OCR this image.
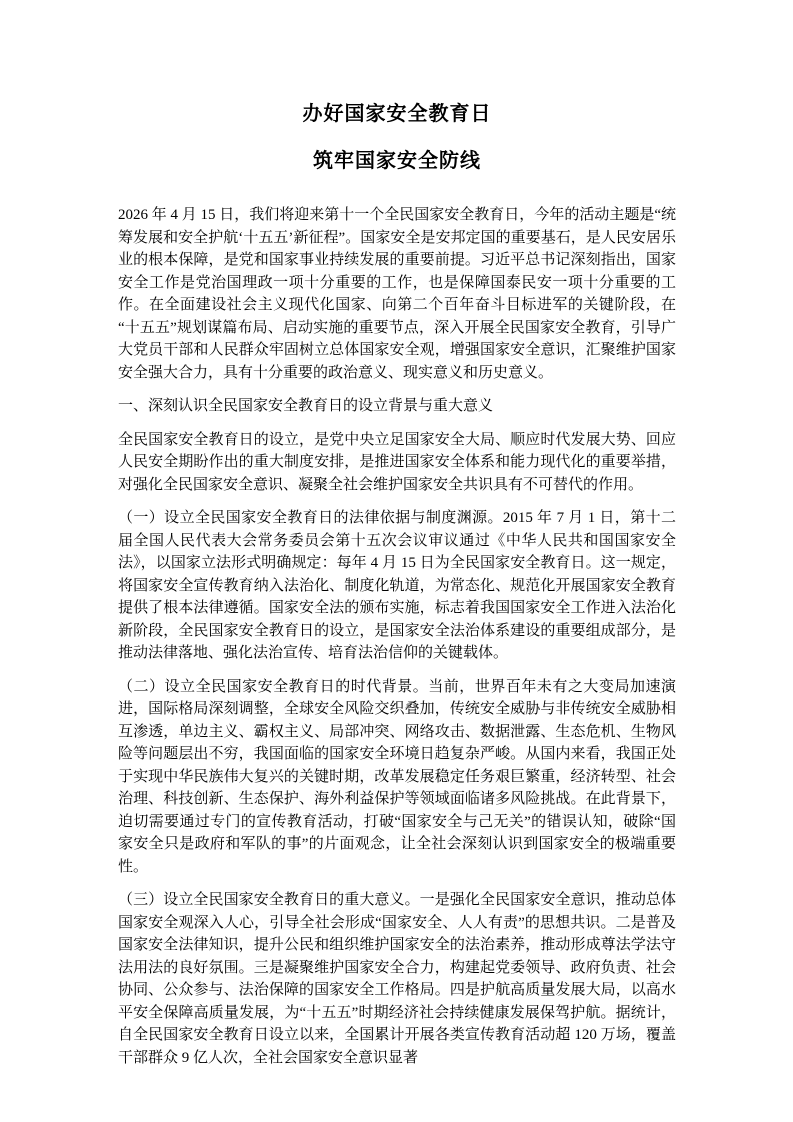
办好国家安全教育日
筑牢国家安全防线

2026 年 4 月 15 日，我们将迎来第十一个全民国家安全教育日，今年的活动主题是“统筹发展和安全护航‘十五五’新征程”。国家安全是安邦定国的重要基石，是人民安居乐业的根本保障，是党和国家事业持续发展的重要前提。习近平总书记深刻指出，国家安全工作是党治国理政一项十分重要的工作，也是保障国泰民安一项十分重要的工作。在全面建设社会主义现代化国家、向第二个百年奋斗目标进军的关键阶段，在“十五五”规划谋篇布局、启动实施的重要节点，深入开展全民国家安全教育，引导广大党员干部和人民群众牢固树立总体国家安全观，增强国家安全意识，汇聚维护国家安全强大合力，具有十分重要的政治意义、现实意义和历史意义。

一、深刻认识全民国家安全教育日的设立背景与重大意义

全民国家安全教育日的设立，是党中央立足国家安全大局、顺应时代发展大势、回应人民安全期盼作出的重大制度安排，是推进国家安全体系和能力现代化的重要举措，对强化全民国家安全意识、凝聚全社会维护国家安全共识具有不可替代的作用。

（一）设立全民国家安全教育日的法律依据与制度渊源。2015 年 7 月 1 日，第十二届全国人民代表大会常务委员会第十五次会议审议通过《中华人民共和国国家安全法》，以国家立法形式明确规定：每年 4 月 15 日为全民国家安全教育日。这一规定，将国家安全宣传教育纳入法治化、制度化轨道，为常态化、规范化开展国家安全教育提供了根本法律遵循。国家安全法的颁布实施，标志着我国国家安全工作进入法治化新阶段，全民国家安全教育日的设立，是国家安全法治体系建设的重要组成部分，是推动法律落地、强化法治宣传、培育法治信仰的关键载体。

（二）设立全民国家安全教育日的时代背景。当前，世界百年未有之大变局加速演进，国际格局深刻调整，全球安全风险交织叠加，传统安全威胁与非传统安全威胁相互渗透，单边主义、霸权主义、局部冲突、网络攻击、数据泄露、生态危机、生物风险等问题层出不穷，我国面临的国家安全环境日趋复杂严峻。从国内来看，我国正处于实现中华民族伟大复兴的关键时期，改革发展稳定任务艰巨繁重，经济转型、社会治理、科技创新、生态保护、海外利益保护等领域面临诸多风险挑战。在此背景下，迫切需要通过专门的宣传教育活动，打破“国家安全与己无关”的错误认知，破除“国家安全只是政府和军队的事”的片面观念，让全社会深刻认识到国家安全的极端重要性。

（三）设立全民国家安全教育日的重大意义。一是强化全民国家安全意识，推动总体国家安全观深入人心，引导全社会形成“国家安全、人人有责”的思想共识。二是普及国家安全法律知识，提升公民和组织维护国家安全的法治素养，推动形成尊法学法守法用法的良好氛围。三是凝聚维护国家安全合力，构建起党委领导、政府负责、社会协同、公众参与、法治保障的国家安全工作格局。四是护航高质量发展大局，以高水平安全保障高质量发展，为“十五五”时期经济社会持续健康发展保驾护航。据统计，自全民国家安全教育日设立以来，全国累计开展各类宣传教育活动超 120 万场，覆盖干部群众 9 亿人次，全社会国家安全意识显著
